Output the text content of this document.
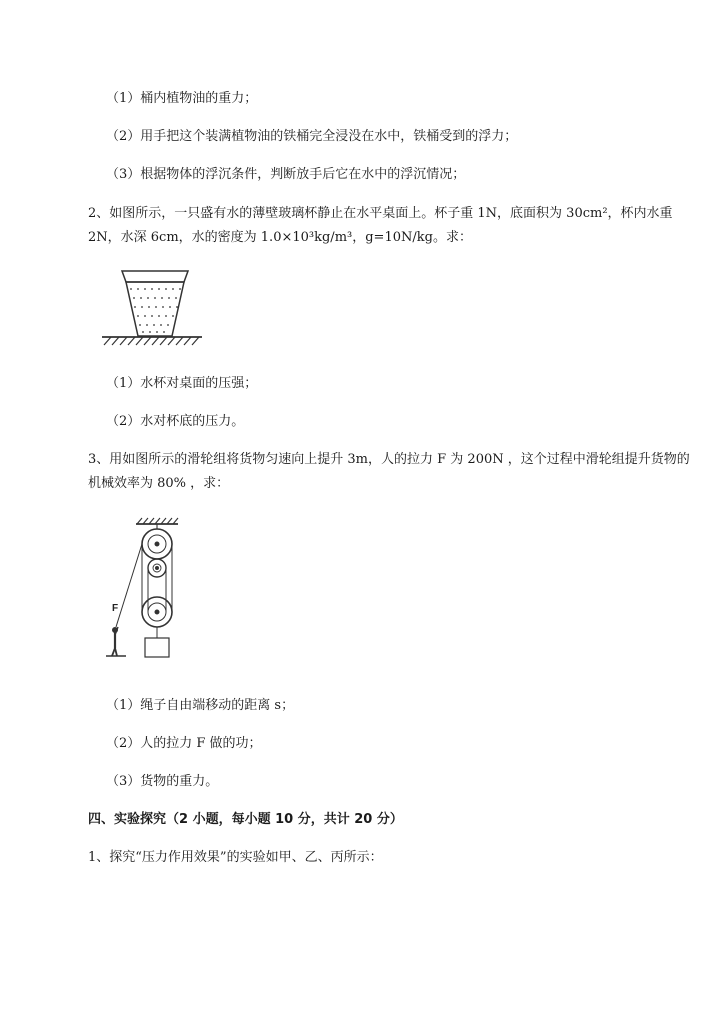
（1）桶内植物油的重力；
（2）用手把这个装满植物油的铁桶完全浸没在水中，铁桶受到的浮力；
（3）根据物体的浮沉条件，判断放手后它在水中的浮沉情况；
2、如图所示，一只盛有水的薄壁玻璃杯静止在水平桌面上。杯子重 1N，底面积为 30cm²，杯内水重
2N，水深 6cm，水的密度为 1.0×10³kg/m³，g=10N/kg。求：
（1）水杯对桌面的压强；
（2）水对杯底的压力。
3、用如图所示的滑轮组将货物匀速向上提升 3m，人的拉力 F 为 200N ，这个过程中滑轮组提升货物的
机械效率为 80% ，求：
F
（1）绳子自由端移动的距离 s；
（2）人的拉力 F 做的功；
（3）货物的重力。
四、实验探究（2 小题，每小题 10 分，共计 20 分）
1、探究“压力作用效果”的实验如甲、乙、丙所示：
